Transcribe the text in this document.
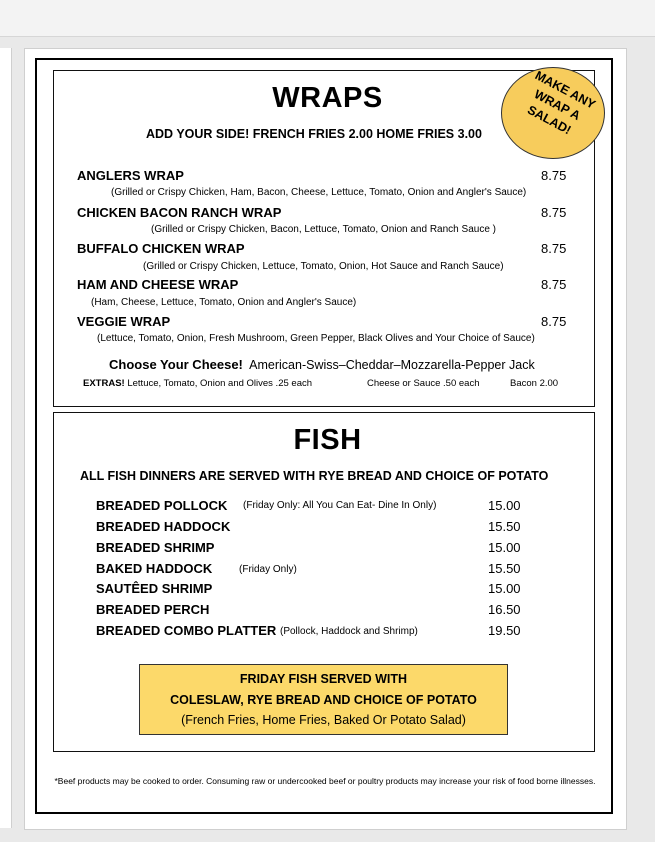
WRAPS
ADD YOUR SIDE! FRENCH FRIES 2.00 HOME FRIES 3.00
MAKE ANY WRAP A SALAD!
ANGLERS WRAP	8.75
(Grilled or Crispy Chicken, Ham, Bacon, Cheese, Lettuce, Tomato, Onion and Angler's Sauce)
CHICKEN BACON RANCH WRAP	8.75
(Grilled or Crispy Chicken, Bacon, Lettuce, Tomato, Onion and Ranch Sauce )
BUFFALO CHICKEN WRAP	8.75
(Grilled or Crispy Chicken, Lettuce, Tomato, Onion, Hot Sauce and Ranch Sauce)
HAM AND CHEESE WRAP	8.75
(Ham, Cheese, Lettuce, Tomato, Onion and Angler's Sauce)
VEGGIE WRAP	8.75
(Lettuce, Tomato, Onion, Fresh Mushroom, Green Pepper, Black Olives and Your Choice of Sauce)
Choose Your Cheese! American-Swiss–Cheddar–Mozzarella-Pepper Jack
EXTRAS! Lettuce, Tomato, Onion and Olives .25 each	Cheese or Sauce .50 each	Bacon 2.00
FISH
ALL FISH DINNERS ARE SERVED WITH RYE BREAD AND CHOICE OF POTATO
BREADED POLLOCK (Friday Only: All You Can Eat- Dine In Only)	15.00
BREADED HADDOCK	15.50
BREADED SHRIMP	15.00
BAKED HADDOCK	(Friday Only)	15.50
SAUTÊED SHRIMP	15.00
BREADED PERCH	16.50
BREADED COMBO PLATTER (Pollock, Haddock and Shrimp)	19.50
FRIDAY FISH SERVED WITH
COLESLAW, RYE BREAD AND CHOICE OF POTATO
(French Fries, Home Fries, Baked Or Potato Salad)
*Beef products may be cooked to order. Consuming raw or undercooked beef or poultry products may increase your risk of food borne illnesses.
